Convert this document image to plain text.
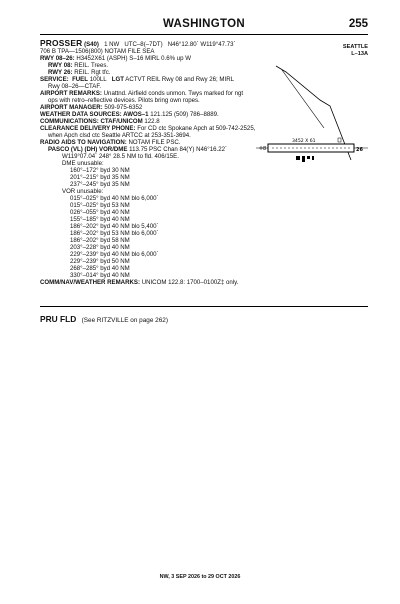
WASHINGTON	255
SEATTLE
L–13A
PROSSER (S40) 1 NW UTC–8(–7DT) N46°12.80´ W119°47.73´
706 B TPA—1506(800) NOTAM FILE SEA
RWY 08–26: H3452X61 (ASPH) S–16 MIRL 0.6% up W
RWY 08: REIL. Trees.
RWY 26: REIL. Rgt tfc.
SERVICE: FUEL 100LL LGT ACTVT REIL Rwy 08 and Rwy 26; MIRL
Rwy 08–26—CTAF.
AIRPORT REMARKS: Unattnd. Airfield conds unmon. Twys marked for ngt
ops with retro–reflective devices. Pilots bring own ropes.
AIRPORT MANAGER: 509-975-6352
WEATHER DATA SOURCES: AWOS–1 121.125 (509) 786–8889.
COMMUNICATIONS: CTAF/UNICOM 122.8
CLEARANCE DELIVERY PHONE: For CD ctc Spokane Apch at 509-742-2525,
when Apch clsd ctc Seattle ARTCC at 253-351-3694.
RADIO AIDS TO NAVIGATION: NOTAM FILE PSC.
PASCO (VL) (DH) VOR/DME 113.75 PSC Chan 84(Y) N46°16.22´
W119°07.04´ 248° 28.5 NM to fld. 406/15E.
DME unusable:
160°–172° byd 30 NM
201°–215° byd 35 NM
237°–245° byd 35 NM
VOR unusable:
015°–025° byd 40 NM blo 6,000´
015°–025° byd 53 NM
026°–055° byd 40 NM
155°–185° byd 40 NM
186°–202° byd 40 NM blo 5,400´
186°–202° byd 53 NM blo 6,000´
186°–202° byd 58 NM
203°–228° byd 40 NM
229°–239° byd 40 NM blo 6,000´
229°–239° byd 50 NM
268°–285° byd 40 NM
330°–014° byd 40 NM
COMM/NAV/WEATHER REMARKS: UNICOM 122.8: 1700–0100Z‡ only.
8	26
3452 X 61
PRU FLD (See RITZVILLE on page 262)
NW, 3 SEP 2026 to 29 OCT 2026
